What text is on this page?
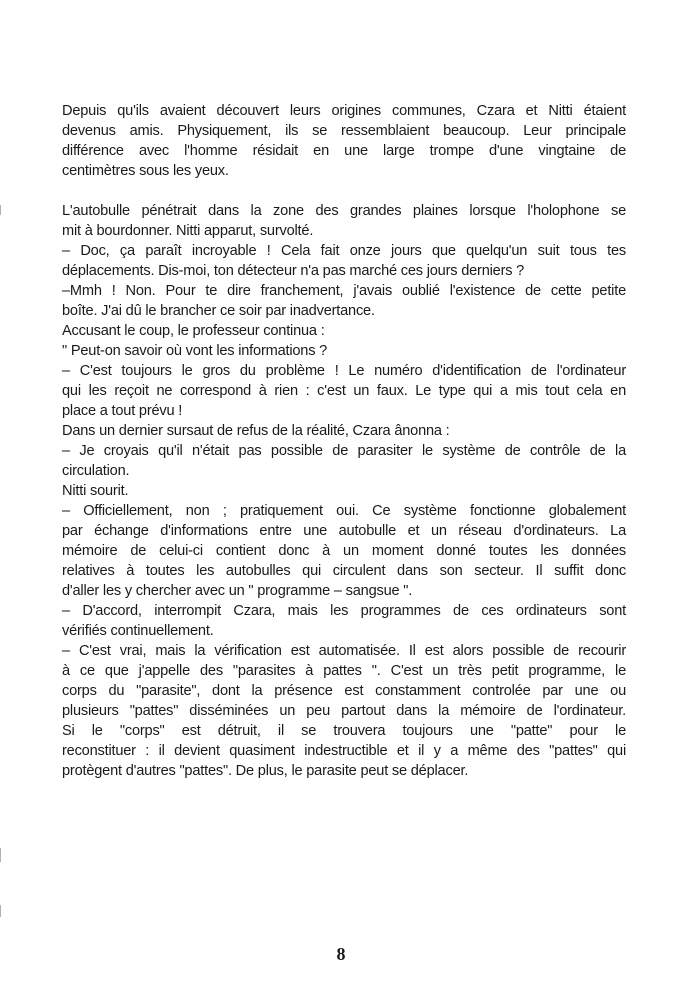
Depuis qu'ils avaient découvert leurs origines communes, Czara et Nitti étaient
devenus amis. Physiquement, ils se ressemblaient beaucoup. Leur principale
différence avec l'homme résidait en une large trompe d'une vingtaine de
centimètres sous les yeux.
L'autobulle pénétrait dans la zone des grandes plaines lorsque l'holophone se
mit à bourdonner. Nitti apparut, survolté.
– Doc, ça paraît incroyable ! Cela fait onze jours que quelqu'un suit tous tes
déplacements. Dis-moi, ton détecteur n'a pas marché ces jours derniers ?
–Mmh ! Non. Pour te dire franchement, j'avais oublié l'existence de cette petite
boîte. J'ai dû le brancher ce soir par inadvertance.
Accusant le coup, le professeur continua :
" Peut-on savoir où vont les informations ?
– C'est toujours le gros du problème ! Le numéro d'identification de l'ordinateur
qui les reçoit ne correspond à rien : c'est un faux. Le type qui a mis tout cela en
place a tout prévu !
Dans un dernier sursaut de refus de la réalité, Czara ânonna :
– Je croyais qu'il n'était pas possible de parasiter le système de contrôle de la
circulation.
Nitti sourit.
– Officiellement, non ; pratiquement oui. Ce système fonctionne globalement
par échange d'informations entre une autobulle et un réseau d'ordinateurs. La
mémoire de celui-ci contient donc à un moment donné toutes les données
relatives à toutes les autobulles qui circulent dans son secteur. Il suffit donc
d'aller les y chercher avec un " programme – sangsue ".
– D'accord, interrompit Czara, mais les programmes de ces ordinateurs sont
vérifiés continuellement.
– C'est vrai, mais la vérification est automatisée. Il est alors possible de recourir
à ce que j'appelle des "parasites à pattes ". C'est un très petit programme, le
corps du "parasite", dont la présence est constamment controlée par une ou
plusieurs "pattes" disséminées un peu partout dans la mémoire de l'ordinateur.
Si le "corps" est détruit, il se trouvera toujours une "patte" pour le
reconstituer : il devient quasiment indestructible et il y a même des "pattes" qui
protègent d'autres "pattes". De plus, le parasite peut se déplacer.
8
